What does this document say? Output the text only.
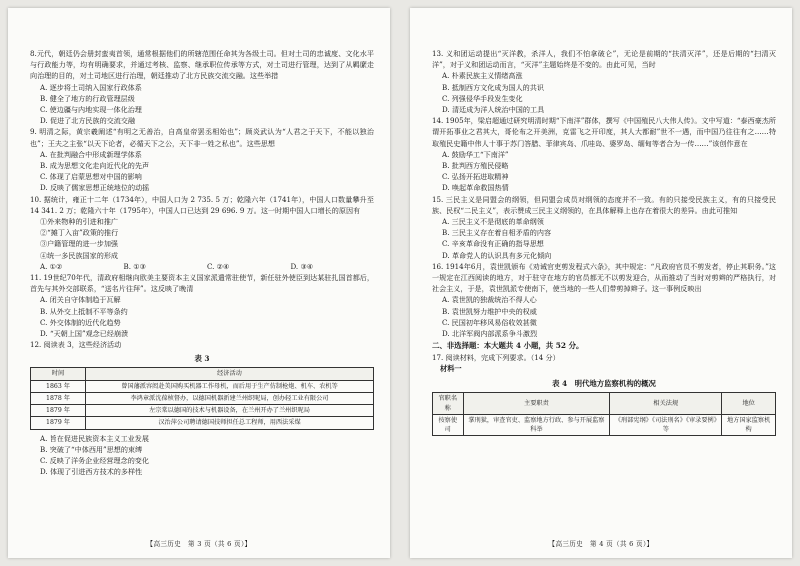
8.元代，朝廷仍会册封蛮夷首领，通常根据他们的所辖范围任命其为各级土司。但对土司的忠诚度、文化水平与行政能力等，均有明确要求，并通过考核、监察、继承职位传承等方式，对土司进行管理，达到了从羁縻走向治理的目的，对土司地区进行治理，朝廷推动了北方民族交流交融。这些举措

A. 逐步将土司纳入国家行政体系

B. 健全了地方的行政管理层级

C. 使边疆与内地实现一体化治理

D. 促进了北方民族的交流交融

9. 明清之际，黄宗羲阐述“有明之无善治，自高皇帝罢丞相始也”；顾炎武认为“人君之于天下，不能以独治也”；王夫之主张“以天下论者，必循天下之公，天下非一姓之私也”。这些思想

A. 在批判融合中形成新理学体系

B. 成为思想文化走向近代化的先声

C. 体现了启蒙思想对中国的影响

D. 反映了儒家思想正统地位的动摇

10. 据统计，雍正十二年（1734年），中国人口为 2 735. 5 万；乾隆六年（1741年），中国人口数量攀升至 14 341. 2 万；乾隆六十年（1795年），中国人口已达到 29 696. 9 万。这一时期中国人口增长的原因有

①外来物种的引进和推广

②“摊丁入亩”政策的推行

③户籍管理的进一步加强

④统一多民族国家的形成

A. ①②	B. ①③	C. ②④	D. ③④

11. 19世纪70年代，清政府相继向欧美主要资本主义国家派遣常驻使节，新任驻外使臣到达某驻扎国首都后，首先与其外交部联系，“送名片往拜”。这反映了晚清

A. 闭关自守体制趋于瓦解

B. 从外交上抵制不平等条约

C. 外交体制的近代化趋势

D. “天朝上国”观念已经崩溃

12. 阅读表 3，这些经济活动

表 3

时间	经济活动
1863 年	曾国藩派容闳赴美国购买机器工作母机，而后用于生产仿制枪炮、机车、农机等
1878 年	李鸿章派沈葆桢督办，以德国机器新建兰州织呢局，创办轻工业有限公司
1879 年	左宗棠以德国的技术与机器设备，在兰州开办了兰州织呢局
1879 年	汉治萍公司聘请德国技师担任总工程师，用西法采煤

A. 旨在促进民族资本主义工业发展

B. 突破了“中体西用”思想的束缚

C. 反映了洋务企业经营理念的变化

D. 体现了引进西方技术的多样性

【高三历史　第 3 页（共 6 页）】

13. 义和团运动提出“灭洋教，杀洋人，我们不怕拿破仑”，无论是前期的“扶清灭洋”，还是后期的“扫清灭洋”，对于义和团运动而言，“灭洋”主题始终是不变的。由此可见，当时

A. 朴素民族主义情绪高涨

B. 抵制西方文化成为国人的共识

C. 列强侵华手段发生变化

D. 清廷成为洋人统治中国的工具

14. 1905年，梁启超通过研究明清时期“下南洋”群体，撰写《中国殖民八大伟人传》。文中写道：“泰西豪杰所谓开拓事业之君其大，哥伦布之开美洲，克雷飞之开印度，其人大都耐”世不一遇，而中国乃往往有之……特取殖民史籍中伟人十事于苏门答腊、菲律宾岛、爪哇岛、婆罗岛、缅甸等者合为一传……”该创作意在

A. 鼓励华工“下南洋”

B. 批判西方殖民侵略

C. 弘扬开拓进取精神

D. 唤起革命救国热情

15. 三民主义是同盟会的纲领，但同盟会成员对纲领的态度并不一致。有的只接受民族主义，有的只接受民族、民权“二民主义”，表示赞成三民主义纲领的，在具体解释上也存在着很大的差异。由此可推知

A. 三民主义不是彻底的革命纲领

B. 三民主义存在着自相矛盾的内容

C. 辛亥革命没有正确的指导思想

D. 革命党人的认识具有多元化倾向

16. 1914年6月，袁世凯颁布《劝诫官吏剪发程式六条》，其中规定：“凡政府官员不剪发者，停止其职务。”这一规定在江西阅读的地方，对于驻守在地方的官员都无不以剪发迎合，从而推动了当时对剪辫的严格执行，对社会主义，于是，袁世凯派专使南下，使当地的一些人们带剪掉辫子。这一事例反映出

A. 袁世凯的独裁统治不得人心

B. 袁世凯努力维护中央的权威

C. 民国初年移风易俗收效甚微

D. 北洋军阀内部派系争斗激烈

二、非选择题：本大题共 4 小题，共 52 分。

17. 阅读材料，完成下列要求。（14 分）

材料一

表 4　明代地方监察机构的概况

官职名称	主要职责	相关法规	地位
按察使司	掌刑狱，审查官吏、监察地方行政、参与开展监察科举	《刑部宪纲》《司法刑名》《审录要例》等	地方国家监察机构
【高三历史　第 4 页（共 6 页）】
